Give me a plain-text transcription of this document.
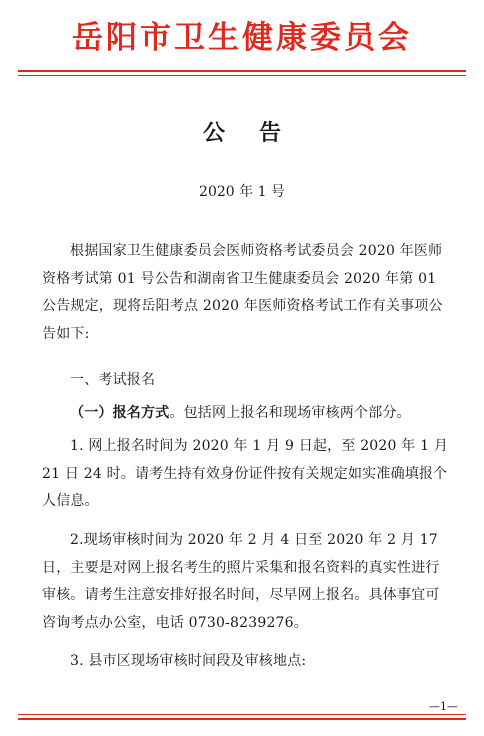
岳阳市卫生健康委员会
公告
2020 年 1 号
根据国家卫生健康委员会医师资格考试委员会 2020 年医师资格考试第 01 号公告和湖南省卫生健康委员会 2020 年第 01 公告规定，现将岳阳考点 2020 年医师资格考试工作有关事项公告如下:
一、考试报名
（一）报名方式。包括网上报名和现场审核两个部分。
1. 网上报名时间为 2020 年 1 月 9 日起，至 2020 年 1 月 21 日 24 时。请考生持有效身份证件按有关规定如实准确填报个人信息。
2.现场审核时间为 2020 年 2 月 4 日至 2020 年 2 月 17 日，主要是对网上报名考生的照片采集和报名资料的真实性进行审核。请考生注意安排好报名时间，尽早网上报名。具体事宜可咨询考点办公室，电话 0730-8239276。
3. 县市区现场审核时间段及审核地点:
—1—
